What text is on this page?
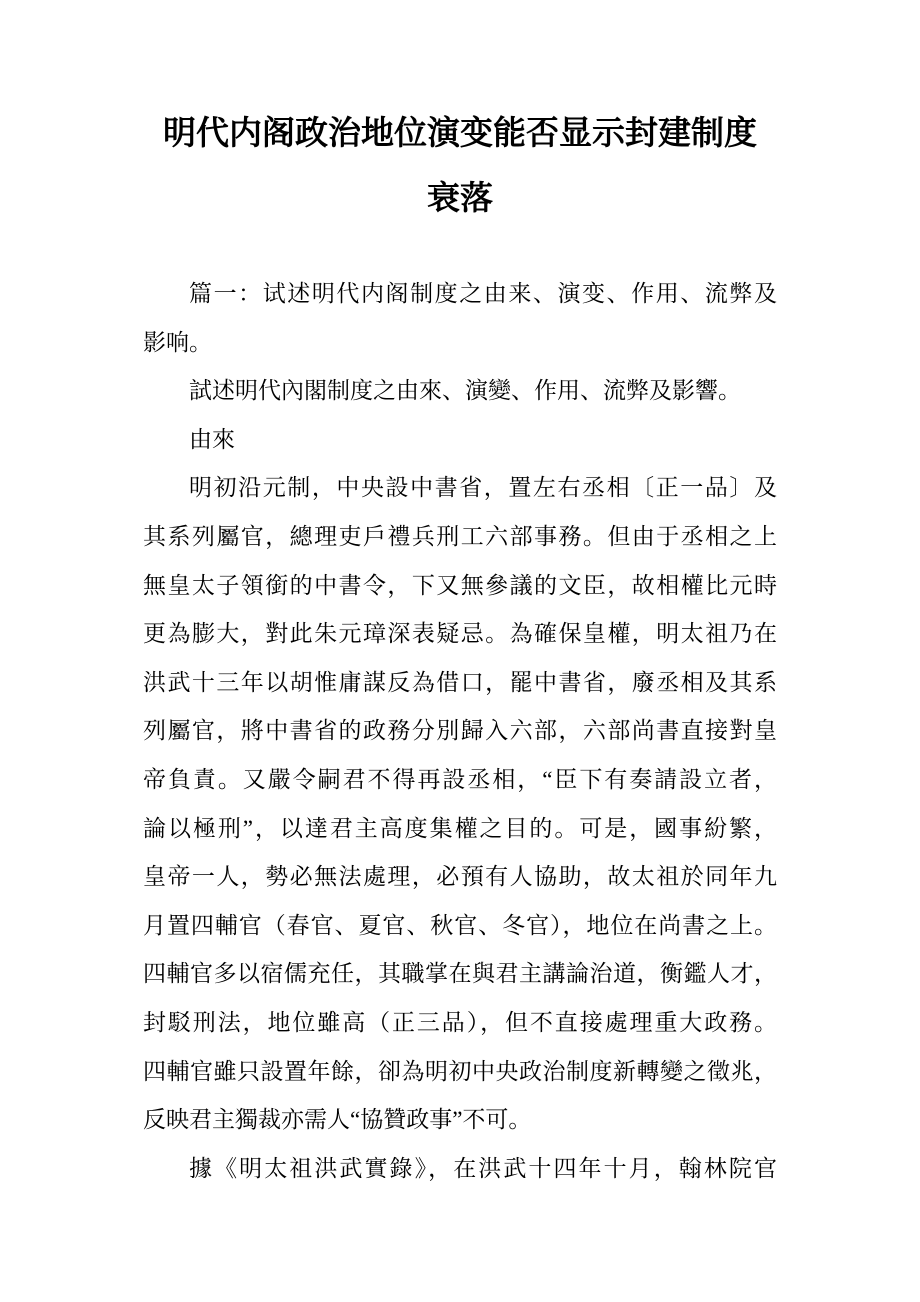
明代内阁政治地位演变能否显示封建制度
衰落
篇一：试述明代内阁制度之由来、演变、作用、流弊及
影响。
試述明代內閣制度之由來、演變、作用、流弊及影響。
由來
明初沿元制，中央設中書省，置左右丞相〔正一品〕及
其系列屬官，總理吏戶禮兵刑工六部事務。但由于丞相之上
無皇太子領銜的中書令，下又無參議的文臣，故相權比元時
更為膨大，對此朱元璋深表疑忌。為確保皇權，明太祖乃在
洪武十三年以胡惟庸謀反為借口，罷中書省，廢丞相及其系
列屬官，將中書省的政務分別歸入六部，六部尚書直接對皇
帝負責。又嚴令嗣君不得再設丞相，“臣下有奏請設立者，
論以極刑”，以達君主高度集權之目的。可是，國事紛繁，
皇帝一人，勢必無法處理，必預有人協助，故太祖於同年九
月置四輔官（春官、夏官、秋官、冬官），地位在尚書之上。
四輔官多以宿儒充任，其職掌在與君主講論治道，衡鑑人才，
封駁刑法，地位雖高（正三品），但不直接處理重大政務。
四輔官雖只設置年餘，卻為明初中央政治制度新轉變之徵兆，
反映君主獨裁亦需人“協贊政事”不可。
據《明太祖洪武實錄》，在洪武十四年十月，翰林院官
